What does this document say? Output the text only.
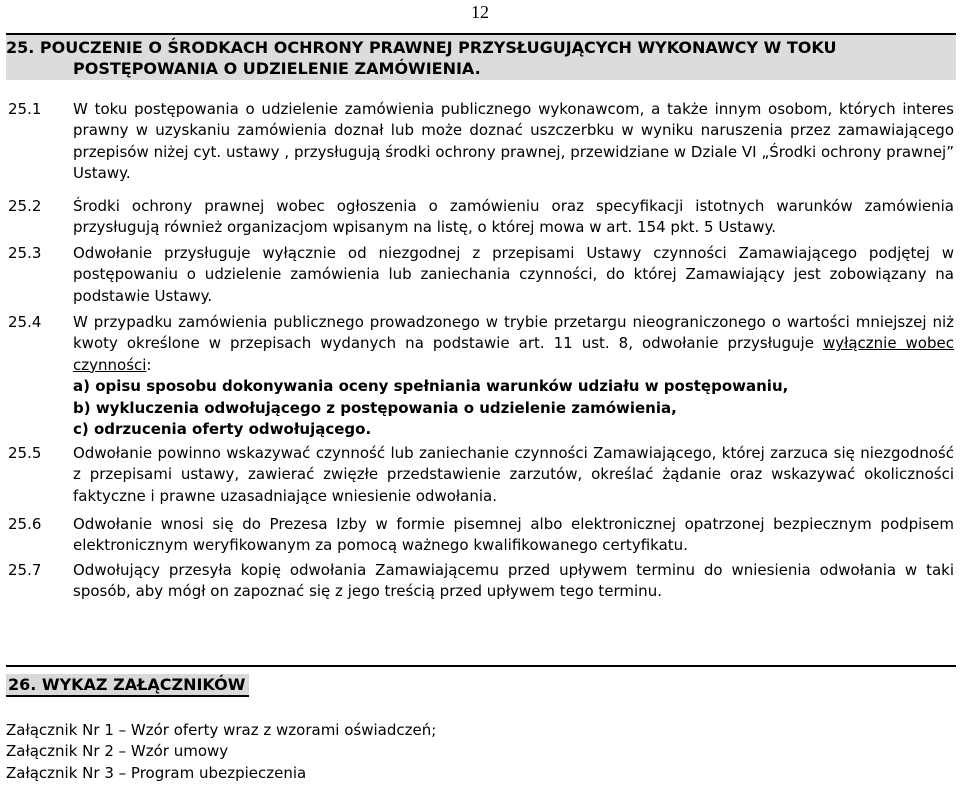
12
25. POUCZENIE O ŚRODKACH OCHRONY PRAWNEJ PRZYSŁUGUJĄCYCH WYKONAWCY W TOKU
POSTĘPOWANIA O UDZIELENIE ZAMÓWIENIA.
25.1 W toku postępowania o udzielenie zamówienia publicznego wykonawcom, a także innym osobom, których interes prawny w uzyskaniu zamówienia doznał lub może doznać uszczerbku w wyniku naruszenia przez zamawiającego przepisów niżej cyt. ustawy , przysługują środki ochrony prawnej, przewidziane w Dziale VI „Środki ochrony prawnej” Ustawy.

25.2 Środki ochrony prawnej wobec ogłoszenia o zamówieniu oraz specyfikacji istotnych warunków zamówienia przysługują również organizacjom wpisanym na listę, o której mowa w art. 154 pkt. 5 Ustawy.

25.3 Odwołanie przysługuje wyłącznie od niezgodnej z przepisami Ustawy czynności Zamawiającego podjętej w postępowaniu o udzielenie zamówienia lub zaniechania czynności, do której Zamawiający jest zobowiązany na podstawie Ustawy.

25.4 W przypadku zamówienia publicznego prowadzonego w trybie przetargu nieograniczonego o wartości mniejszej niż kwoty określone w przepisach wydanych na podstawie art. 11 ust. 8, odwołanie przysługuje wyłącznie wobec czynności:

a) opisu sposobu dokonywania oceny spełniania warunków udziału w postępowaniu,

b) wykluczenia odwołującego z postępowania o udzielenie zamówienia,

c) odrzucenia oferty odwołującego.

25.5 Odwołanie powinno wskazywać czynność lub zaniechanie czynności Zamawiającego, której zarzuca się niezgodność z przepisami ustawy, zawierać zwięzłe przedstawienie zarzutów, określać żądanie oraz wskazywać okoliczności faktyczne i prawne uzasadniające wniesienie odwołania.

25.6 Odwołanie wnosi się do Prezesa Izby w formie pisemnej albo elektronicznej opatrzonej bezpiecznym podpisem elektronicznym weryfikowanym za pomocą ważnego kwalifikowanego certyfikatu.

25.7 Odwołujący przesyła kopię odwołania Zamawiającemu przed upływem terminu do wniesienia odwołania w taki sposób, aby mógł on zapoznać się z jego treścią przed upływem tego terminu.

26. WYKAZ ZAŁĄCZNIKÓW
Załącznik Nr 1 – Wzór oferty wraz z wzorami oświadczeń;
Załącznik Nr 2 – Wzór umowy
Załącznik Nr 3 – Program ubezpieczenia
